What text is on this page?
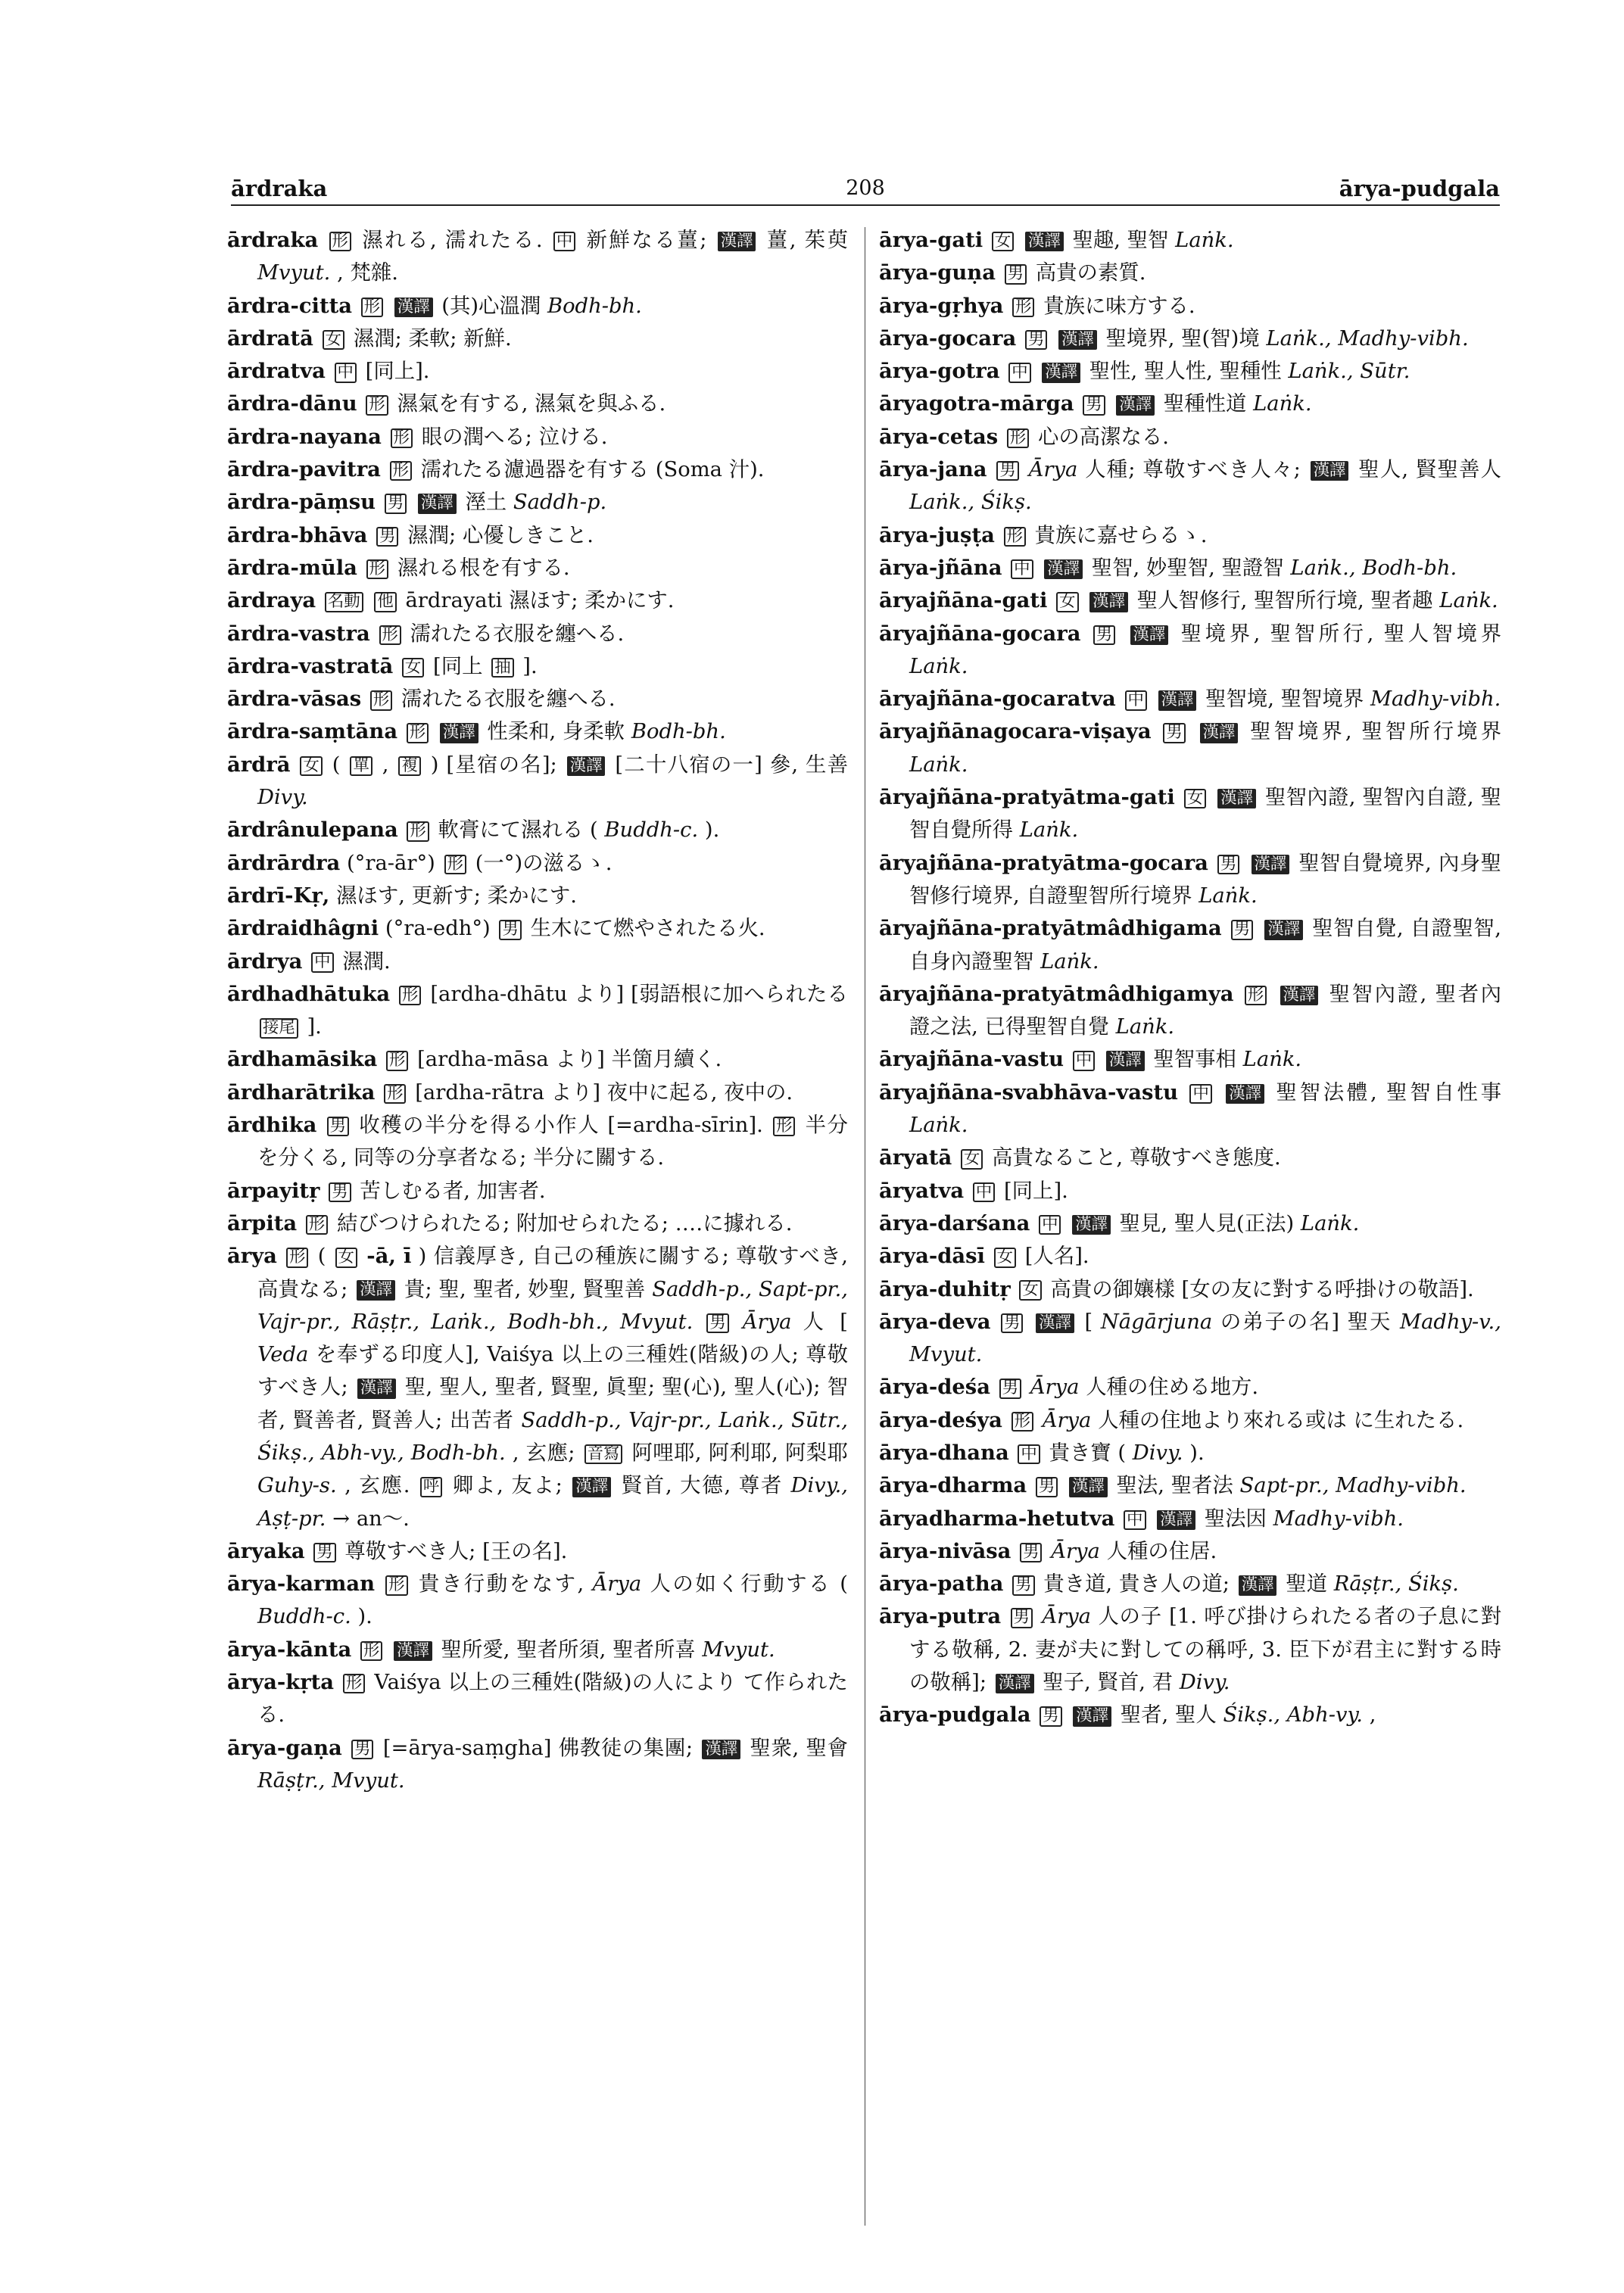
ārdraka	208	ārya-pudgala

ārdraka 形 濕れる, 濡れたる. 中 新鮮なる薑; 漢譯 薑, 茱萸 Mvyut. , 梵雜.

ārdra-citta 形 漢譯 (其)心溫潤 Bodh-bh.

ārdratā 女 濕潤; 柔軟; 新鮮.

ārdratva 中 [同上].

ārdra-dānu 形 濕氣を有する, 濕氣を與ふる.

ārdra-nayana 形 眼の潤へる; 泣ける.

ārdra-pavitra 形 濡れたる濾過器を有する (Soma 汁).

ārdra-pāṃsu 男 漢譯 溼土 Saddh-p.

ārdra-bhāva 男 濕潤; 心優しきこと.

ārdra-mūla 形 濕れる根を有する.

ārdraya 名動 他 ārdrayati 濕ほす; 柔かにす.

ārdra-vastra 形 濡れたる衣服を纏へる.

ārdra-vastratā 女 [同上 抽 ].

ārdra-vāsas 形 濡れたる衣服を纏へる.

ārdra-saṃtāna 形 漢譯 性柔和, 身柔軟 Bodh-bh.

ārdrā 女 ( 單 , 複 ) [星宿の名]; 漢譯 [二十八宿の一] 參, 生善 Divy.

ārdrânulepana 形 軟膏にて濕れる ( Buddh-c. ).

ārdrārdra (°ra-ār°) 形 (一°)の滋るゝ.

ārdrī-Kṛ, 濕ほす, 更新す; 柔かにす.

ārdraidhâgni (°ra-edh°) 男 生木にて燃やされたる火.

ārdrya 中 濕潤.

ārdhadhātuka 形 [ardha-dhātu より] [弱語根に加へられたる 接尾 ].

ārdhamāsika 形 [ardha-māsa より] 半箇月續く.

ārdharātrika 形 [ardha-rātra より] 夜中に起る, 夜中の.

ārdhika 男 收穫の半分を得る小作人 [=ardha-sīrin]. 形 半分を分くる, 同等の分享者なる; 半分に關する.

ārpayitṛ 男 苦しむる者, 加害者.

ārpita 形 結びつけられたる; 附加せられたる; ‥‥に據れる.

ārya 形 ( 女 -ā, ī ) 信義厚き, 自己の種族に關する; 尊敬すべき, 高貴なる; 漢譯 貴; 聖, 聖者, 妙聖, 賢聖善 Saddh-p., Sapt-pr., Vajr-pr., Rāṣṭr., Laṅk., Bodh-bh., Mvyut. 男 Ārya 人 [ Veda を奉ずる印度人], Vaiśya 以上の三種姓(階級)の人; 尊敬すべき人; 漢譯 聖, 聖人, 聖者, 賢聖, 眞聖; 聖(心), 聖人(心); 智者, 賢善者, 賢善人; 出苦者 Saddh-p., Vajr-pr., Laṅk., Sūtr., Śikṣ., Abh-vy., Bodh-bh. , 玄應; 音寫 阿哩耶, 阿利耶, 阿梨耶 Guhy-s. , 玄應. 呼 卿よ, 友よ; 漢譯 賢首, 大德, 尊者 Divy., Aṣṭ-pr. → an〜.

āryaka 男 尊敬すべき人; [王の名].

ārya-karman 形 貴き行動をなす, Ārya 人の如く行動する ( Buddh-c. ).

ārya-kānta 形 漢譯 聖所愛, 聖者所須, 聖者所喜 Mvyut.

ārya-kṛta 形 Vaiśya 以上の三種姓(階級)の人により て作られたる.

ārya-gaṇa 男 [=ārya-saṃgha] 佛教徒の集團; 漢譯 聖衆, 聖會 Rāṣṭr., Mvyut.

ārya-gati 女 漢譯 聖趣, 聖智 Laṅk.

ārya-guṇa 男 高貴の素質.

ārya-gṛhya 形 貴族に味方する.

ārya-gocara 男 漢譯 聖境界, 聖(智)境 Laṅk., Madhy-vibh.

ārya-gotra 中 漢譯 聖性, 聖人性, 聖種性 Laṅk., Sūtr.

āryagotra-mārga 男 漢譯 聖種性道 Laṅk.

ārya-cetas 形 心の高潔なる.

ārya-jana 男 Ārya 人種; 尊敬すべき人々; 漢譯 聖人, 賢聖善人 Laṅk., Śikṣ.

ārya-juṣṭa 形 貴族に嘉せらるゝ.

ārya-jñāna 中 漢譯 聖智, 妙聖智, 聖證智 Laṅk., Bodh-bh.

āryajñāna-gati 女 漢譯 聖人智修行, 聖智所行境, 聖者趣 Laṅk.

āryajñāna-gocara 男 漢譯 聖境界, 聖智所行, 聖人智境界 Laṅk.

āryajñāna-gocaratva 中 漢譯 聖智境, 聖智境界 Madhy-vibh.

āryajñānagocara-viṣaya 男 漢譯 聖智境界, 聖智所行境界 Laṅk.

āryajñāna-pratyātma-gati 女 漢譯 聖智內證, 聖智內自證, 聖智自覺所得 Laṅk.

āryajñāna-pratyātma-gocara 男 漢譯 聖智自覺境界, 內身聖智修行境界, 自證聖智所行境界 Laṅk.

āryajñāna-pratyātmâdhigama 男 漢譯 聖智自覺, 自證聖智, 自身內證聖智 Laṅk.

āryajñāna-pratyātmâdhigamya 形 漢譯 聖智內證, 聖者內證之法, 已得聖智自覺 Laṅk.

āryajñāna-vastu 中 漢譯 聖智事相 Laṅk.

āryajñāna-svabhāva-vastu 中 漢譯 聖智法體, 聖智自性事 Laṅk.

āryatā 女 高貴なること, 尊敬すべき態度.

āryatva 中 [同上].

ārya-darśana 中 漢譯 聖見, 聖人見(正法) Laṅk.

ārya-dāsī 女 [人名].

ārya-duhitṛ 女 高貴の御孃樣 [女の友に對する呼掛けの敬語].

ārya-deva 男 漢譯 [ Nāgārjuna の弟子の名] 聖天 Madhy-v., Mvyut.

ārya-deśa 男 Ārya 人種の住める地方.

ārya-deśya 形 Ārya 人種の住地より來れる或は に生れたる.

ārya-dhana 中 貴き寶 ( Divy. ).

ārya-dharma 男 漢譯 聖法, 聖者法 Sapt-pr., Madhy-vibh.

āryadharma-hetutva 中 漢譯 聖法因 Madhy-vibh.

ārya-nivāsa 男 Ārya 人種の住居.

ārya-patha 男 貴き道, 貴き人の道; 漢譯 聖道 Rāṣṭr., Śikṣ.

ārya-putra 男 Ārya 人の子 [1. 呼び掛けられたる者の子息に對する敬稱, 2. 妻が夫に對しての稱呼, 3. 臣下が君主に對する時の敬稱]; 漢譯 聖子, 賢首, 君 Divy.

ārya-pudgala 男 漢譯 聖者, 聖人 Śikṣ., Abh-vy. ,
